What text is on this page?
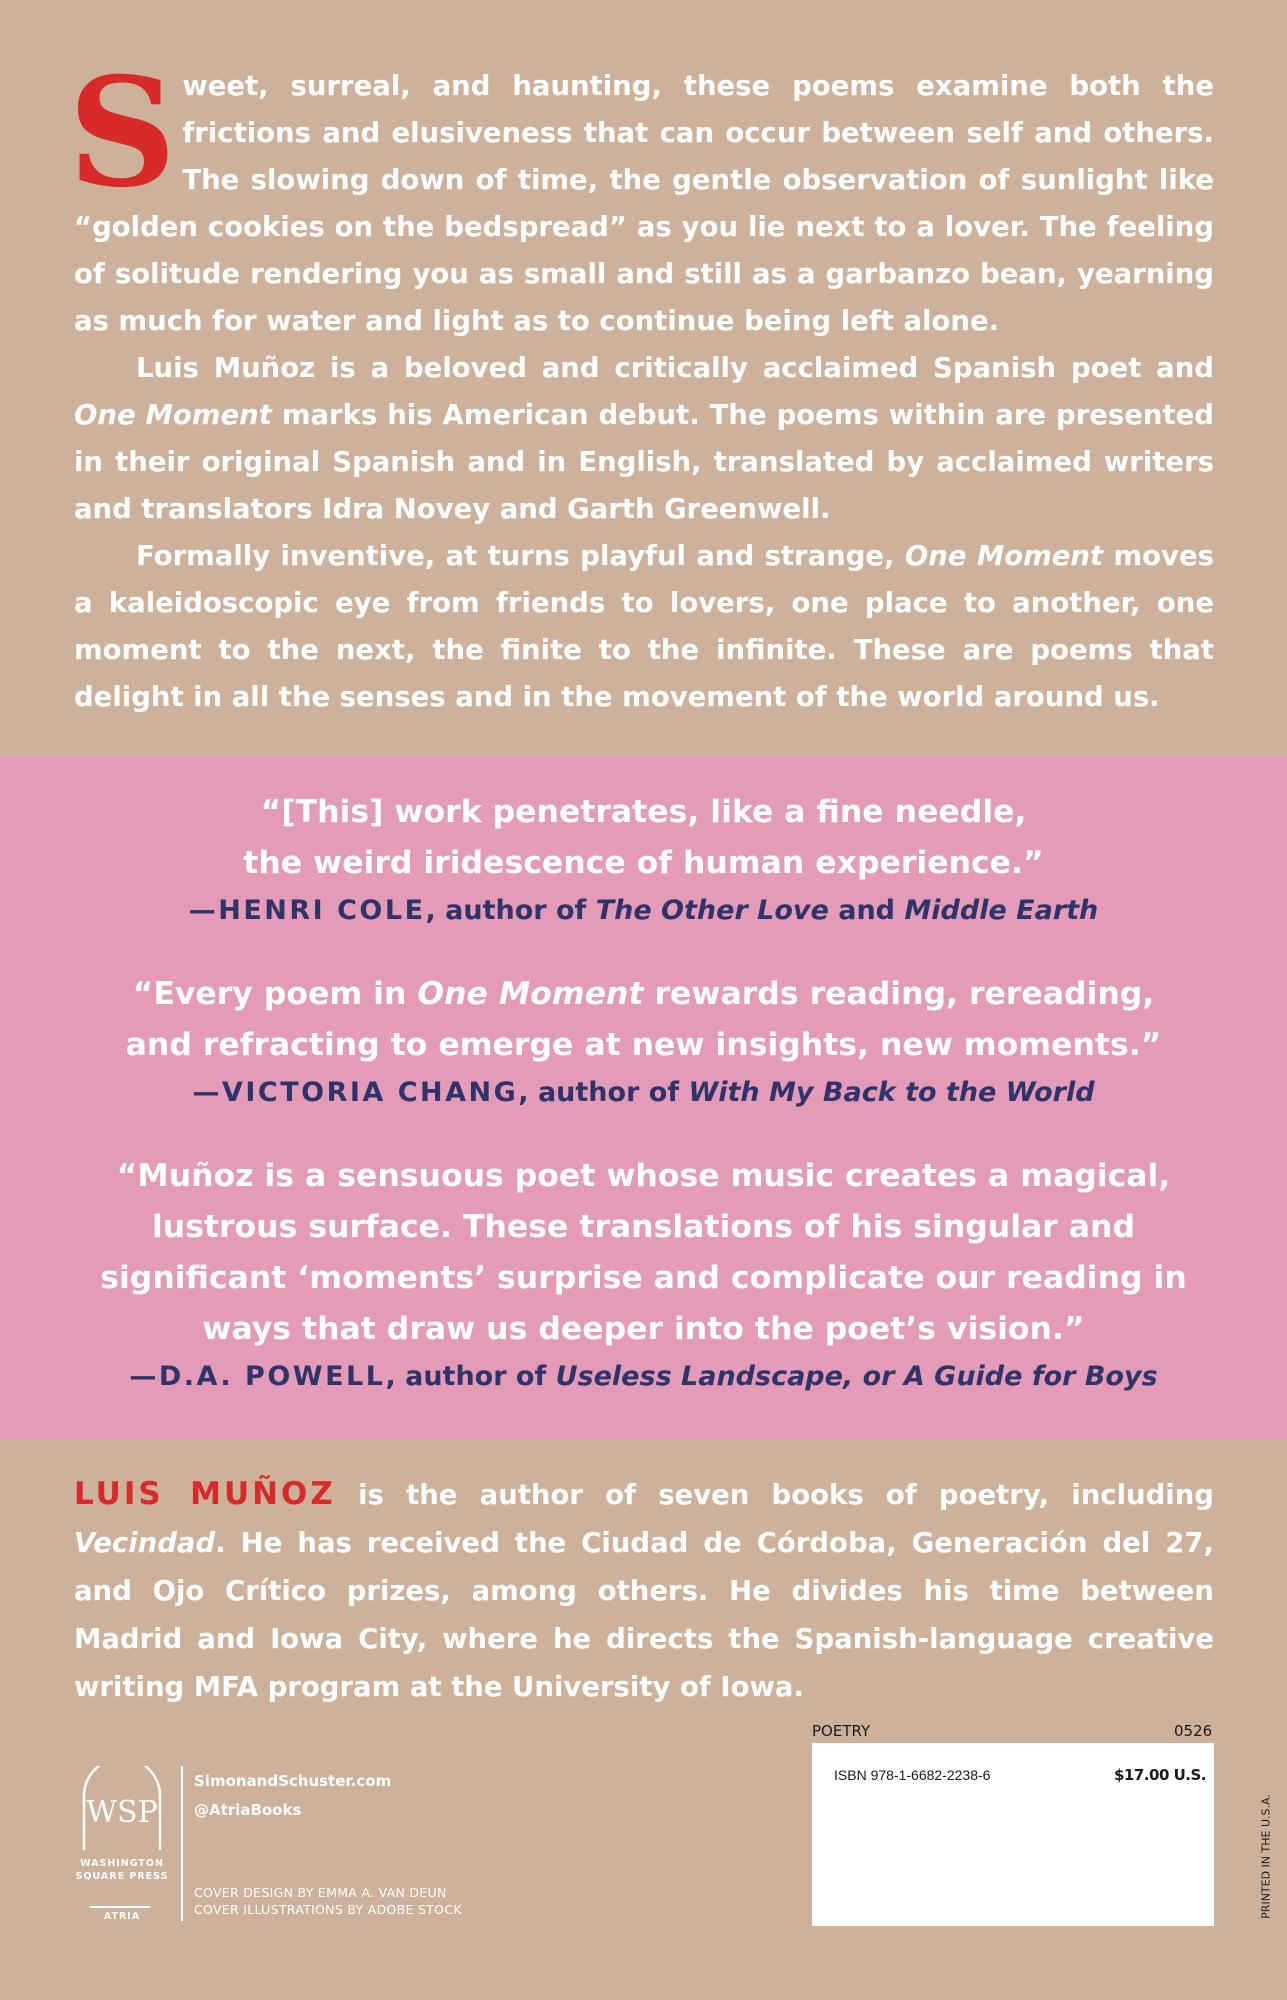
Sweet, surreal, and haunting, these poems examine both the frictions and elusiveness that can occur between self and others. The slowing down of time, the gentle observation of sunlight like “golden cookies on the bedspread” as you lie next to a lover. The feeling of solitude rendering you as small and still as a garbanzo bean, yearning as much for water and light as to continue being left alone.

Luis Muñoz is a beloved and critically acclaimed Spanish poet and One Moment marks his American debut. The poems within are presented in their original Spanish and in English, translated by acclaimed writers and translators Idra Novey and Garth Greenwell.

Formally inventive, at turns playful and strange, One Moment moves a kaleidoscopic eye from friends to lovers, one place to another, one moment to the next, the finite to the infinite. These are poems that delight in all the senses and in the movement of the world around us.

“[This] work penetrates, like a fine needle,
the weird iridescence of human experience.”
—HENRI COLE, author of The Other Love and Middle Earth
“Every poem in One Moment rewards reading, rereading,
and refracting to emerge at new insights, new moments.”
—VICTORIA CHANG, author of With My Back to the World
“Muñoz is a sensuous poet whose music creates a magical,
lustrous surface. These translations of his singular and
significant ‘moments’ surprise and complicate our reading in
ways that draw us deeper into the poet’s vision.”
—D.A. POWELL, author of Useless Landscape, or A Guide for Boys
LUIS MUÑOZ is the author of seven books of poetry, including Vecindad. He has received the Ciudad de Córdoba, Generación del 27, and Ojo Crítico prizes, among others. He divides his time between Madrid and Iowa City, where he directs the Spanish-language creative writing MFA program at the University of Iowa.
WSP
WASHINGTON
SQUARE PRESS
ATRIA
SimonandSchuster.com
@AtriaBooks
COVER DESIGN BY EMMA A. VAN DEUN
COVER ILLUSTRATIONS BY ADOBE STOCK
POETRY	0526
ISBN 978-1-6682-2238-6	$17.00 U.S.
PRINTED IN THE U.S.A.
